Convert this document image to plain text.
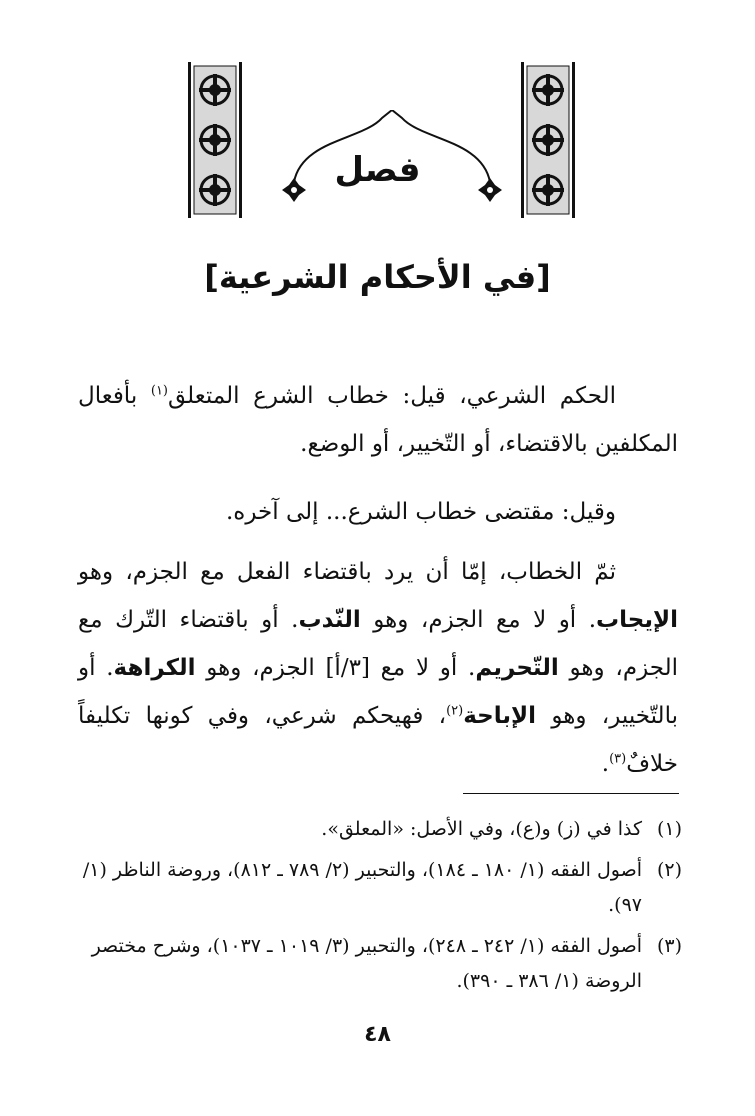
فصل
[في الأحكام الشرعية]

الحكم الشرعي، قيل: خطاب الشرع المتعلق$^{(١)}$ بأفعال المكلفين بالاقتضاء، أو التّخيير، أو الوضع.

وقيل: مقتضى خطاب الشرع... إلى آخره.

ثمّ الخطاب، إمّا أن يرد باقتضاء الفعل مع الجزم، وهو الإيجاب. أو لا مع الجزم، وهو النّدب. أو باقتضاء التّرك مع الجزم، وهو التّحريم. أو لا مع [٣/أ] الجزم، وهو الكراهة. أو بالتّخيير، وهو الإباحة$^{(٢)}$، فهيحكم شرعي، وفي كونها تكليفاً خلافٌ$^{(٣)}$.

(١)
كذا في (ز) و(ع)، وفي الأصل: «المعلق».
(٢)
أصول الفقه (١/ ١٨٠ ـ ١٨٤)، والتحبير (٢/ ٧٨٩ ـ ٨١٢)، وروضة الناظر (١/ ٩٧).
(٣)
أصول الفقه (١/ ٢٤٢ ـ ٢٤٨)، والتحبير (٣/ ١٠١٩ ـ ١٠٣٧)، وشرح مختصر الروضة (١/ ٣٨٦ ـ ٣٩٠).
٤٨
